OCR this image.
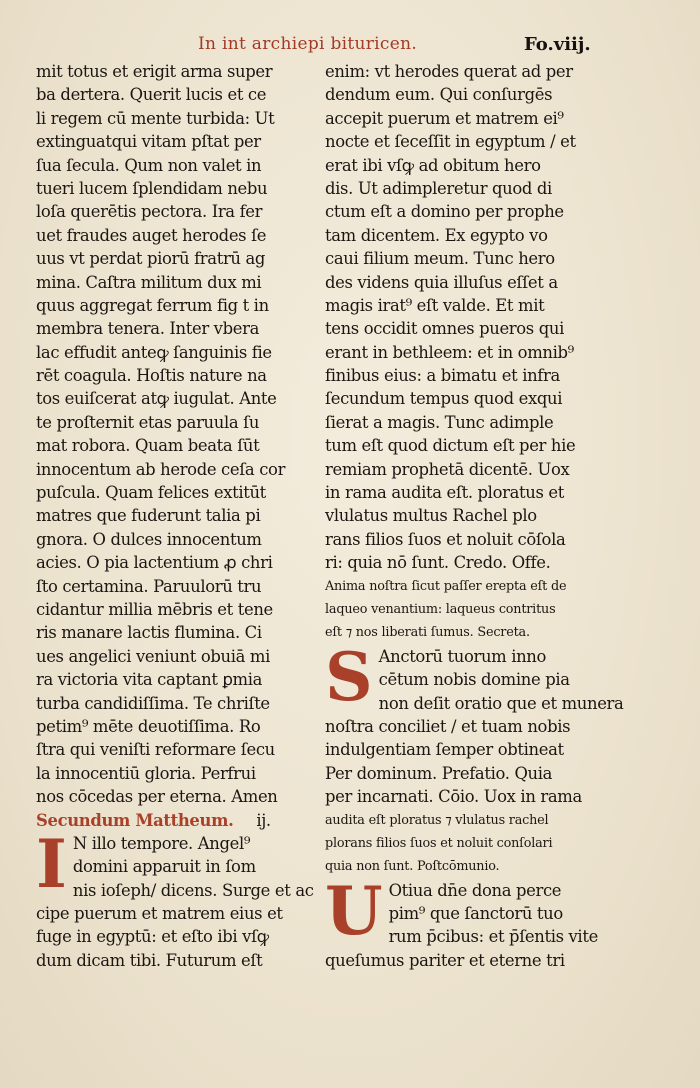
In int archiepi bituricen.	Fo.viij.
mit totus et erigit arma super
ba dertera. Querit lucis et ce
li regem cū mente turbida: Ut
extinguatqui vitam pſtat per
ſua ſecula. Qum non valet in
tueri lucem ſplendidam nebu
loſa querētis pectora. Ira fer
uet fraudes auget herodes ſe
uus vt perdat piorū fratrū ag
mina. Caſtra militum dux mi
quus aggregat ferrum fig t in
membra tenera. Inter vbera
lac effudit anteꝙ ſanguinis fie
rēt coagula. Hoſtis nature na
tos euiſcerat atꝙ iugulat. Ante
te proſternit etas paruula ſu
mat robora. Quam beata ſūt
innocentum ab herode ceſa cor
puſcula. Quam felices extitūt
matres que fuderunt talia pi
gnora. O dulces innocentum
acies. O pia lactentium ꝓ chri
ſto certamina. Paruulorū tru
cidantur millia mēbris et tene
ris manare lactis flumina. Ci
ues angelici veniunt obuiā mi
ra victoria vita captant ꝑmia
turba candidiſſima. Te chriſte
petim⁹ mēte deuotiſſima. Ro
ſtra qui veniſti reformare ſecu
la innocentiū gloria. Perfrui
nos cōcedas per eterna. Amen
Secundum Mattheum. ij.
I N illo tempore. Angel⁹
domini apparuit in ſom
nis ioſeph/ dicens. Surge et ac
cipe puerum et matrem eius et
fuge in egyptū: et eſto ibi vſꝙ
dum dicam tibi. Futurum eſt
enim: vt herodes querat ad per
dendum eum. Qui conſurgēs
accepit puerum et matrem ei⁹
nocte et ſeceſſit in egyptum / et
erat ibi vſꝙ ad obitum hero
dis. Ut adimpleretur quod di
ctum eſt a domino per prophe
tam dicentem. Ex egypto vo
caui filium meum. Tunc hero
des videns quia illuſus eſſet a
magis irat⁹ eſt valde. Et mit
tens occidit omnes pueros qui
erant in bethleem: et in omnib⁹
finibus eius: a bimatu et infra
ſecundum tempus quod exqui
ſierat a magis. Tunc adimple
tum eſt quod dictum eſt per hie
remiam prophetā dicentē. Uox
in rama audita eſt. ploratus et
vlulatus multus Rachel plo
rans filios ſuos et noluit cōſola
ri: quia nō ſunt. Credo. Offe.
Anima noſtra ſicut paſſer erepta eſt de
laqueo venantium: laqueus contritus
eſt ⁊ nos liberati ſumus. Secreta.
S Anctorū tuorum inno
cētum nobis domine pia
non deſit oratio que et munera
noſtra conciliet / et tuam nobis
indulgentiam ſemper obtineat
Per dominum. Prefatio. Quia
per incarnati. Cōio. Uox in rama
audita eſt ploratus ⁊ vlulatus rachel
plorans filios ſuos et noluit conſolari
quia non ſunt. Poſtcōmunio.
U Otiua dn̄e dona perce
pim⁹ que ſanctorū tuo
rum p̄cibus: et p̄ſentis vite
queſumus pariter et eterne tri
